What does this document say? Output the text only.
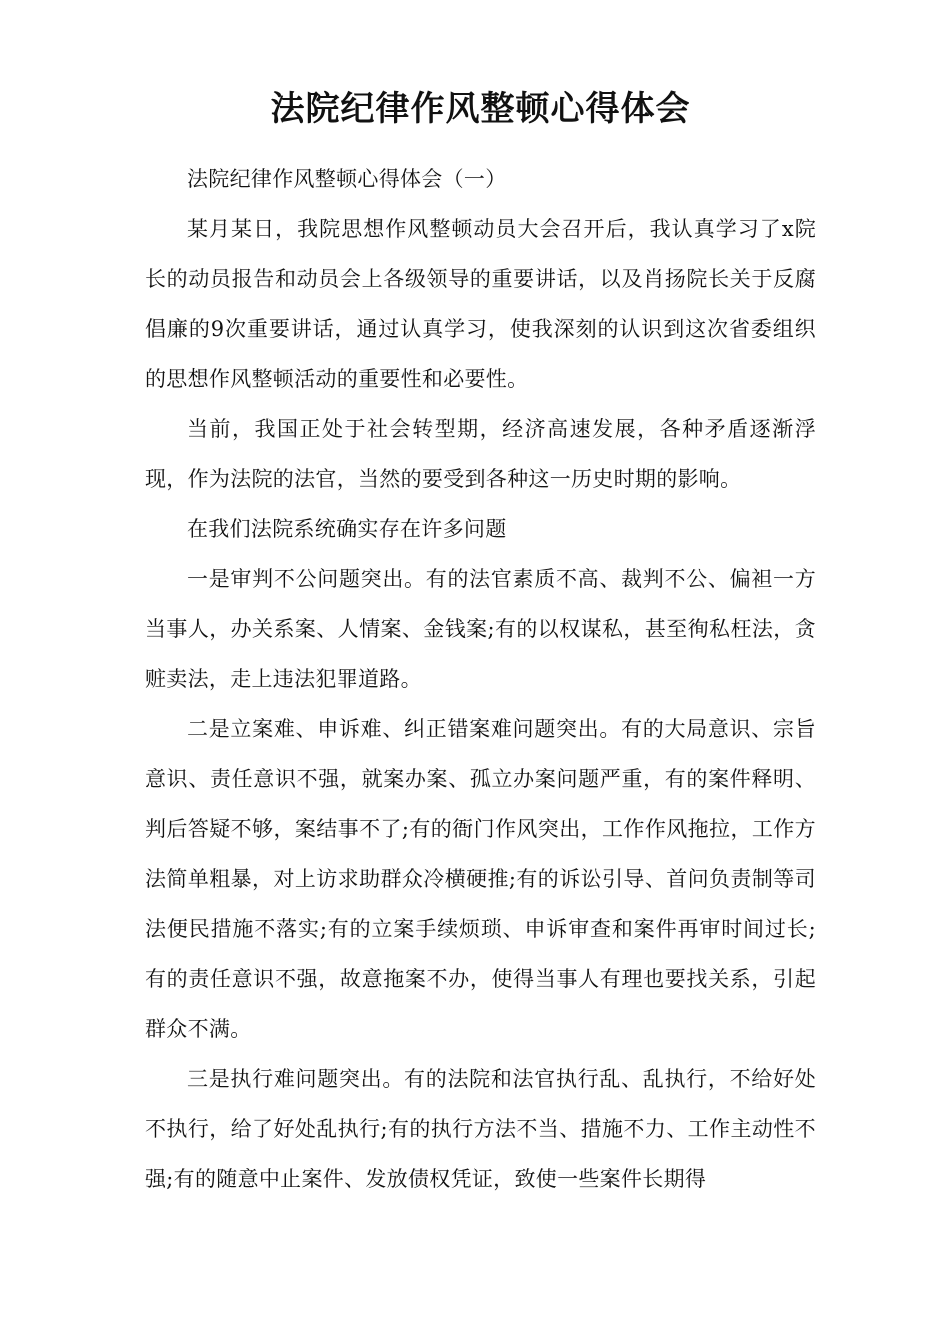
法院纪律作风整顿心得体会

法院纪律作风整顿心得体会（一）

某月某日，我院思想作风整顿动员大会召开后，我认真学习了x院长的动员报告和动员会上各级领导的重要讲话，以及肖扬院长关于反腐倡廉的9次重要讲话，通过认真学习，使我深刻的认识到这次省委组织的思想作风整顿活动的重要性和必要性。

当前，我国正处于社会转型期，经济高速发展，各种矛盾逐渐浮现，作为法院的法官，当然的要受到各种这一历史时期的影响。

在我们法院系统确实存在许多问题

一是审判不公问题突出。有的法官素质不高、裁判不公、偏袒一方当事人，办关系案、人情案、金钱案;有的以权谋私，甚至徇私枉法，贪赃卖法，走上违法犯罪道路。

二是立案难、申诉难、纠正错案难问题突出。有的大局意识、宗旨意识、责任意识不强，就案办案、孤立办案问题严重，有的案件释明、判后答疑不够，案结事不了;有的衙门作风突出，工作作风拖拉，工作方法简单粗暴，对上访求助群众冷横硬推;有的诉讼引导、首问负责制等司法便民措施不落实;有的立案手续烦琐、申诉审查和案件再审时间过长;有的责任意识不强，故意拖案不办，使得当事人有理也要找关系，引起群众不满。

三是执行难问题突出。有的法院和法官执行乱、乱执行，不给好处不执行，给了好处乱执行;有的执行方法不当、措施不力、工作主动性不强;有的随意中止案件、发放债权凭证，致使一些案件长期得
